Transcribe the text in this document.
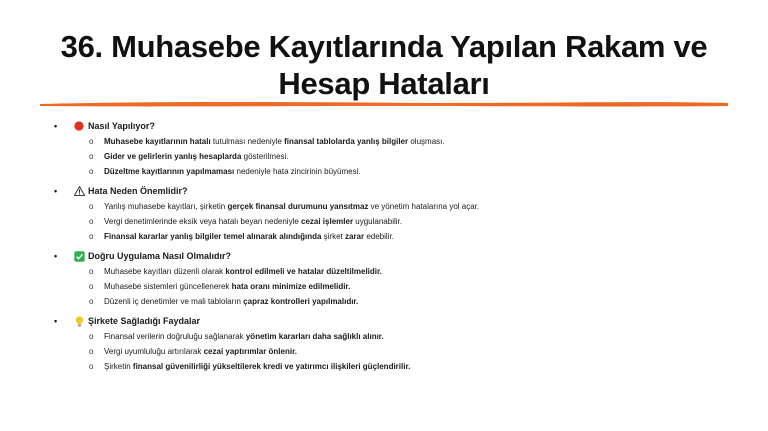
36. Muhasebe Kayıtlarında Yapılan Rakam ve
Hesap Hataları
•	Nasıl Yapılıyor?
o Muhasebe kayıtlarının hatalı tutulması nedeniyle finansal tablolarda yanlış bilgiler oluşması.
o Gider ve gelirlerin yanlış hesaplarda gösterilmesi.
o Düzeltme kayıtlarının yapılmaması nedeniyle hata zincirinin büyümesi.
•	Hata Neden Önemlidir?
o Yanlış muhasebe kayıtları, şirketin gerçek finansal durumunu yansıtmaz ve yönetim hatalarına yol açar.
o Vergi denetimlerinde eksik veya hatalı beyan nedeniyle cezai işlemler uygulanabilir.
o Finansal kararlar yanlış bilgiler temel alınarak alındığında şirket zarar edebilir.
•	Doğru Uygulama Nasıl Olmalıdır?
o Muhasebe kayıtları düzenli olarak kontrol edilmeli ve hatalar düzeltilmelidir.
o Muhasebe sistemleri güncellenerek hata oranı minimize edilmelidir.
o Düzenli iç denetimler ve mali tabloların çapraz kontrolleri yapılmalıdır.
•	Şirkete Sağladığı Faydalar
o Finansal verilerin doğruluğu sağlanarak yönetim kararları daha sağlıklı alınır.
o Vergi uyumluluğu artırılarak cezai yaptırımlar önlenir.
o Şirketin finansal güvenilirliği yükseltilerek kredi ve yatırımcı ilişkileri güçlendirilir.
